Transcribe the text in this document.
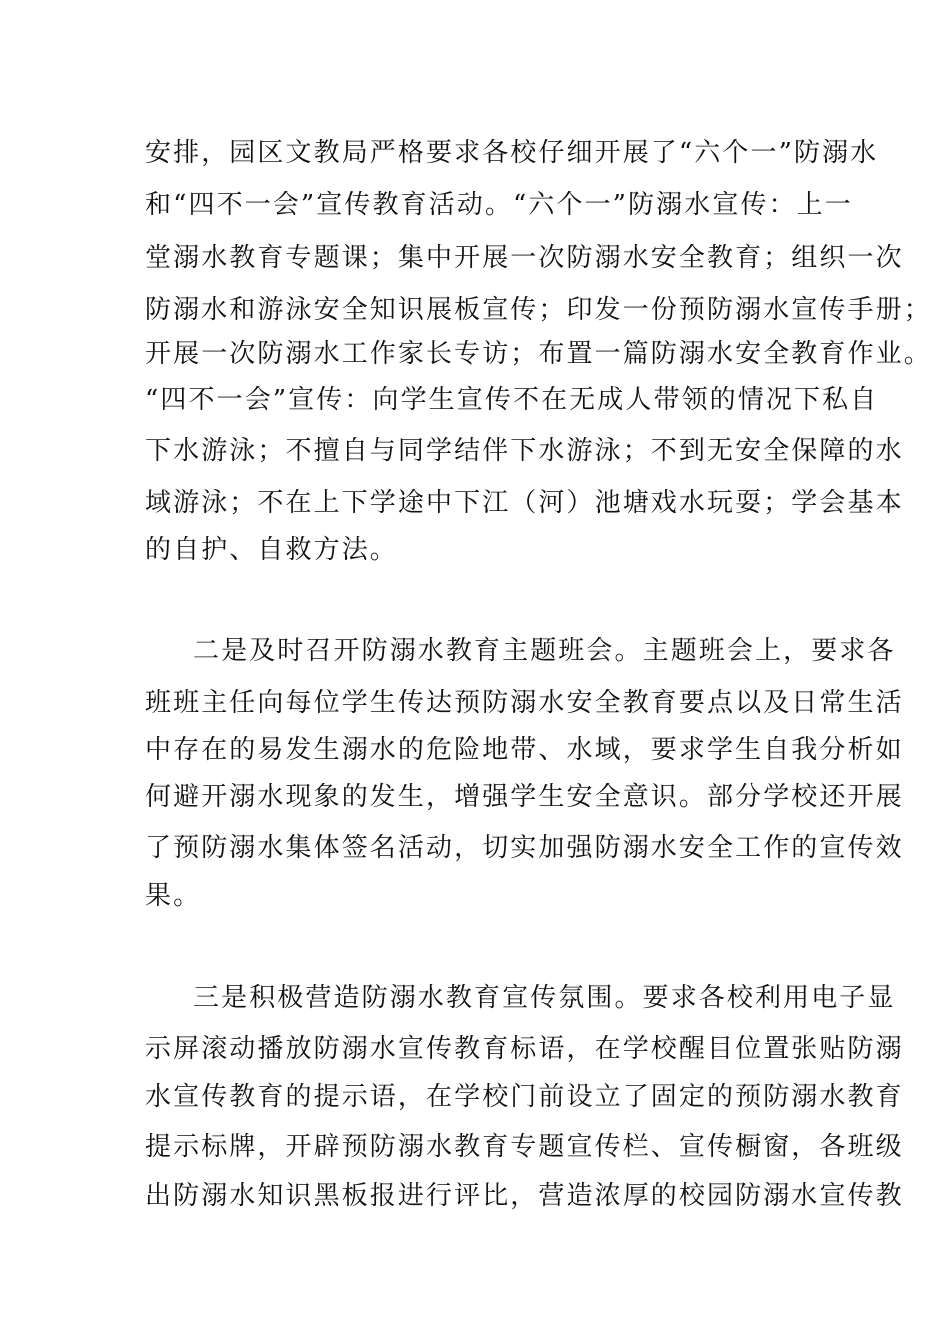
安排，园区文教局严格要求各校仔细开展了“六个一”防溺水
和“四不一会”宣传教育活动。“六个一”防溺水宣传：上一
堂溺水教育专题课；集中开展一次防溺水安全教育；组织一次
防溺水和游泳安全知识展板宣传；印发一份预防溺水宣传手册；
开展一次防溺水工作家长专访；布置一篇防溺水安全教育作业。
“四不一会”宣传：向学生宣传不在无成人带领的情况下私自
下水游泳；不擅自与同学结伴下水游泳；不到无安全保障的水
域游泳；不在上下学途中下江（河）池塘戏水玩耍；学会基本
的自护、自救方法。
二是及时召开防溺水教育主题班会。主题班会上，要求各
班班主任向每位学生传达预防溺水安全教育要点以及日常生活
中存在的易发生溺水的危险地带、水域，要求学生自我分析如
何避开溺水现象的发生，增强学生安全意识。部分学校还开展
了预防溺水集体签名活动，切实加强防溺水安全工作的宣传效
果。
三是积极营造防溺水教育宣传氛围。要求各校利用电子显
示屏滚动播放防溺水宣传教育标语，在学校醒目位置张贴防溺
水宣传教育的提示语，在学校门前设立了固定的预防溺水教育
提示标牌，开辟预防溺水教育专题宣传栏、宣传橱窗，各班级
出防溺水知识黑板报进行评比，营造浓厚的校园防溺水宣传教
